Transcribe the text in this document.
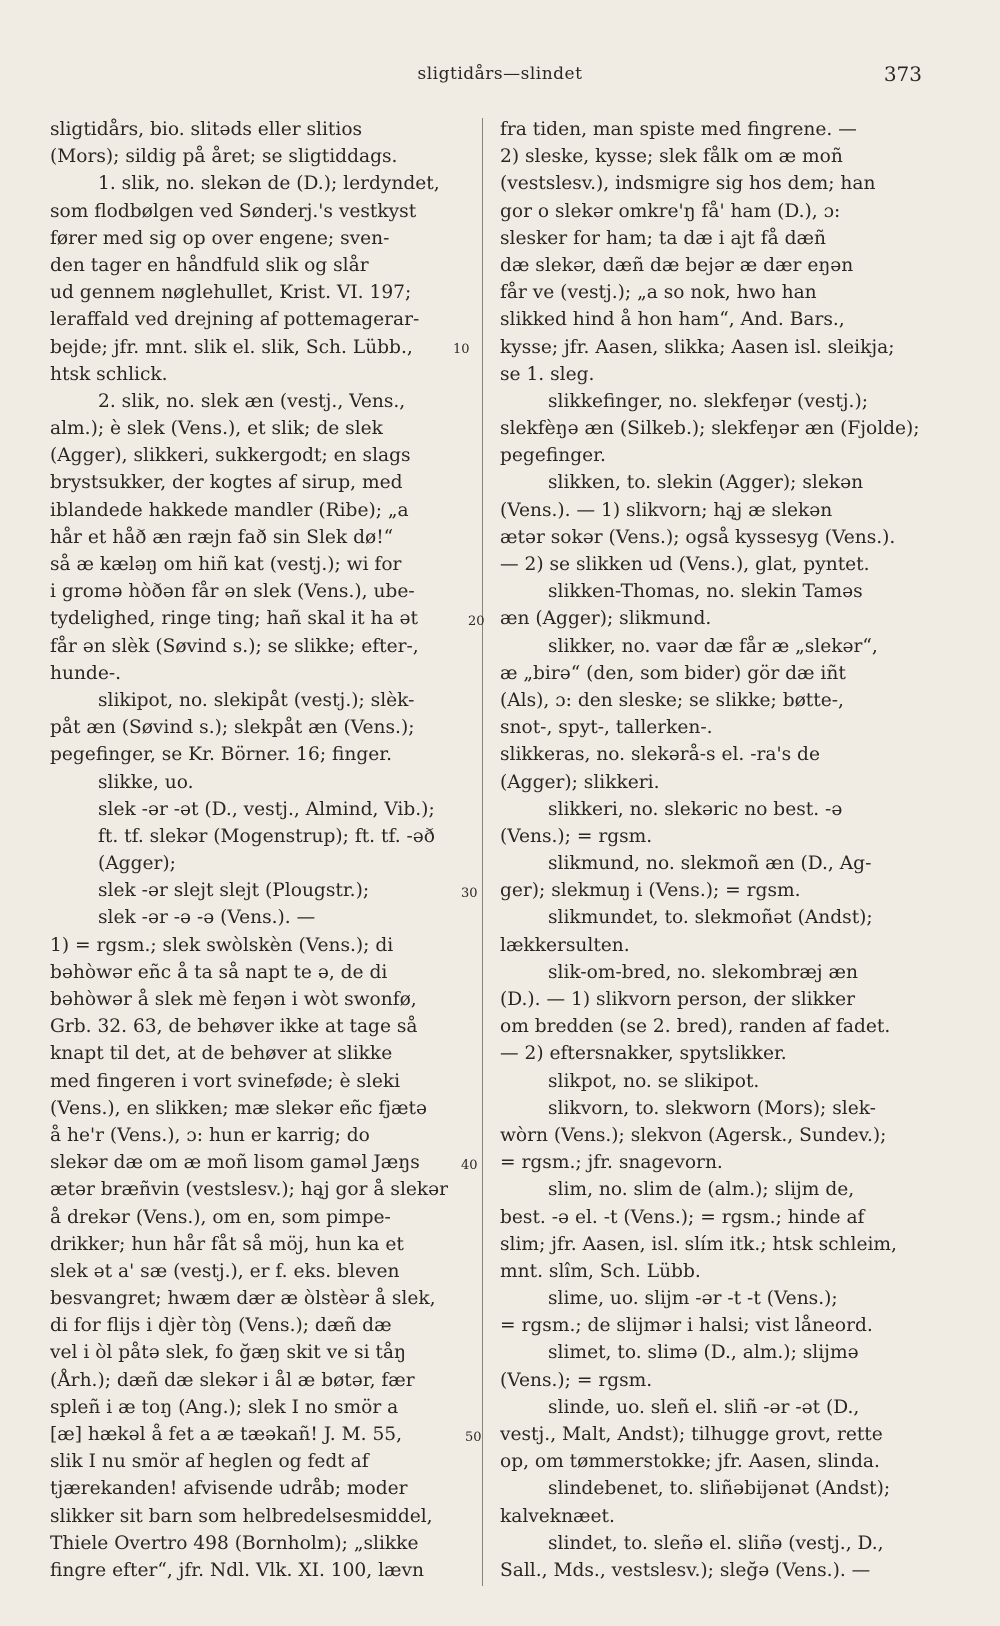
sligtidårs—slindet	373
sligtidårs, bio. slitəds eller slitios
(Mors); sildig på året; se sligtiddags.
1. slik, no. slekən de (D.); lerdyndet,
som flodbølgen ved Sønderj.'s vestkyst
fører med sig op over engene; sven-
den tager en håndfuld slik og slår
ud gennem nøglehullet, Krist. VI. 197;
leraffald ved drejning af pottemagerar-
bejde; jfr. mnt. slik el. slik, Sch. Lübb.,
htsk schlick.
2. slik, no. slek æn (vestj., Vens.,
alm.); è slek (Vens.), et slik; de slek
(Agger), slikkeri, sukkergodt; en slags
brystsukker, der kogtes af sirup, med
iblandede hakkede mandler (Ribe); „a
hår et håð æn ræjn fað sin Slek dø!“
så æ kæləŋ om hiñ kat (vestj.); wi for
i gromə hòðən får ən slek (Vens.), ube-
tydelighed, ringe ting; hañ skal it ha ət
får ən slèk (Søvind s.); se slikke; efter-,
hunde-.
slikipot, no. slekipåt (vestj.); slèk-
påt æn (Søvind s.); slekpåt æn (Vens.);
pegefinger, se Kr. Börner. 16; finger.
slikke, uo.
slek -ər -ət (D., vestj., Almind, Vib.);
ft. tf. slekər (Mogenstrup); ft. tf. -əð
(Agger);
slek -ər slejt slejt (Plougstr.);
slek -ər -ə -ə (Vens.). —
1) = rgsm.; slek swòlskèn (Vens.); di
bəhòwər eñc å ta så napt te ə, de di
bəhòwər å slek mè feŋən i wòt swonfø,
Grb. 32. 63, de behøver ikke at tage så
knapt til det, at de behøver at slikke
med fingeren i vort svineføde; è sleki
(Vens.), en slikken; mæ slekər eñc fjætə
å he'r (Vens.), ɔ: hun er karrig; do
slekər dæ om æ moñ lisom gaməl Jæŋs
ætər bræñvin (vestslesv.); hąj gor å slekər
å drekər (Vens.), om en, som pimpe-
drikker; hun hår fåt så möj, hun ka et
slek ət a' sæ (vestj.), er f. eks. bleven
besvangret; hwæm dær æ òlstèər å slek,
di for flijs i djèr tòŋ (Vens.); dæñ dæ
vel i òl påtə slek, fo ğæŋ skit ve si tåŋ
(Årh.); dæñ dæ slekər i ål æ bøtər, fær
spleñ i æ toŋ (Ang.); slek I no smör a
[æ] hækəl å fet a æ tæəkañ! J. M. 55,
slik I nu smör af heglen og fedt af
tjærekanden! afvisende udråb; moder
slikker sit barn som helbredelsesmiddel,
Thiele Overtro 498 (Bornholm); „slikke
fingre efter“, jfr. Ndl. Vlk. XI. 100, lævn
fra tiden, man spiste med fingrene. —
2) sleske, kysse; slek fålk om æ moñ
(vestslesv.), indsmigre sig hos dem; han
gor o slekər omkre'ŋ få' ham (D.), ɔ:
slesker for ham; ta dæ i ajt få dæñ
dæ slekər, dæñ dæ bejər æ dær eŋən
får ve (vestj.); „a so nok, hwo han
slikked hind å hon ham“, And. Bars.,
kysse; jfr. Aasen, slikka; Aasen isl. sleikja;
se 1. sleg.
slikkefinger, no. slekfeŋər (vestj.);
slekfèŋə æn (Silkeb.); slekfeŋər æn (Fjolde);
pegefinger.
slikken, to. slekin (Agger); slekən
(Vens.). — 1) slikvorn; hąj æ slekən
ætər sokər (Vens.); også kyssesyg (Vens.).
— 2) se slikken ud (Vens.), glat, pyntet.
slikken-Thomas, no. slekin Taməs
æn (Agger); slikmund.
slikker, no. vaər dæ får æ „slekər“,
æ „birə“ (den, som bider) gör dæ iñt
(Als), ɔ: den sleske; se slikke; bøtte-,
snot-, spyt-, tallerken-.
slikkeras, no. slekərå-s el. -ra's de
(Agger); slikkeri.
slikkeri, no. slekəric no best. -ə
(Vens.); = rgsm.
slikmund, no. slekmoñ æn (D., Ag-
ger); slekmuŋ i (Vens.); = rgsm.
slikmundet, to. slekmoñət (Andst);
lækkersulten.
slik-om-bred, no. slekombræj æn
(D.). — 1) slikvorn person, der slikker
om bredden (se 2. bred), randen af fadet.
— 2) eftersnakker, spytslikker.
slikpot, no. se slikipot.
slikvorn, to. slekworn (Mors); slek-
wòrn (Vens.); slekvon (Agersk., Sundev.);
= rgsm.; jfr. snagevorn.
slim, no. slim de (alm.); slijm de,
best. -ə el. -t (Vens.); = rgsm.; hinde af
slim; jfr. Aasen, isl. slím itk.; htsk schleim,
mnt. slîm, Sch. Lübb.
slime, uo. slijm -ər -t -t (Vens.);
= rgsm.; de slijmər i halsi; vist låneord.
slimet, to. slimə (D., alm.); slijmə
(Vens.); = rgsm.
slinde, uo. sleñ el. sliñ -ər -ət (D.,
vestj., Malt, Andst); tilhugge grovt, rette
op, om tømmerstokke; jfr. Aasen, slinda.
slindebenet, to. sliñəbijənət (Andst);
kalveknæet.
slindet, to. sleñə el. sliñə (vestj., D.,
Sall., Mds., vestslesv.); sleğə (Vens.). —
10
20
30
40
50
